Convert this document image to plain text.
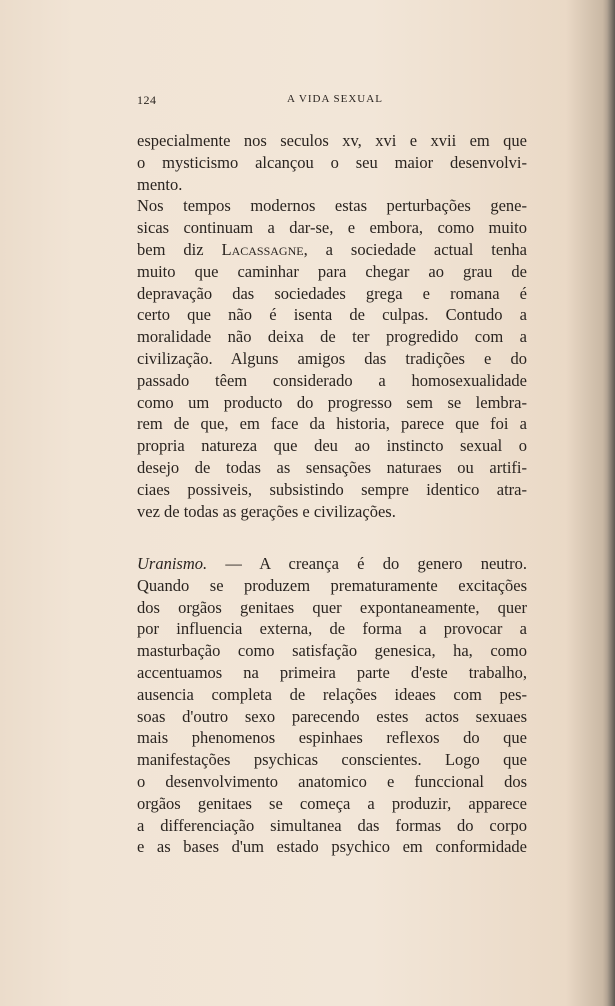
124	A VIDA SEXUAL
especialmente nos seculos xv, xvi e xvii em que
o mysticismo alcançou o seu maior desenvolvi-
mento.
Nos tempos modernos estas perturbações gene-
sicas continuam a dar-se, e embora, como muito
bem diz Lacassagne, a sociedade actual tenha
muito que caminhar para chegar ao grau de
depravação das sociedades grega e romana é
certo que não é isenta de culpas. Contudo a
moralidade não deixa de ter progredido com a
civilização. Alguns amigos das tradições e do
passado têem considerado a homosexualidade
como um producto do progresso sem se lembra-
rem de que, em face da historia, parece que foi a
propria natureza que deu ao instincto sexual o
desejo de todas as sensações naturaes ou artifi-
ciaes possiveis, subsistindo sempre identico atra-
vez de todas as gerações e civilizações.
Uranismo. — A creança é do genero neutro.
Quando se produzem prematuramente excitações
dos orgãos genitaes quer expontaneamente, quer
por influencia externa, de forma a provocar a
masturbação como satisfação genesica, ha, como
accentuamos na primeira parte d'este trabalho,
ausencia completa de relações ideaes com pes-
soas d'outro sexo parecendo estes actos sexuaes
mais phenomenos espinhaes reflexos do que
manifestações psychicas conscientes. Logo que
o desenvolvimento anatomico e funccional dos
orgãos genitaes se começa a produzir, apparece
a differenciação simultanea das formas do corpo
e as bases d'um estado psychico em conformidade
